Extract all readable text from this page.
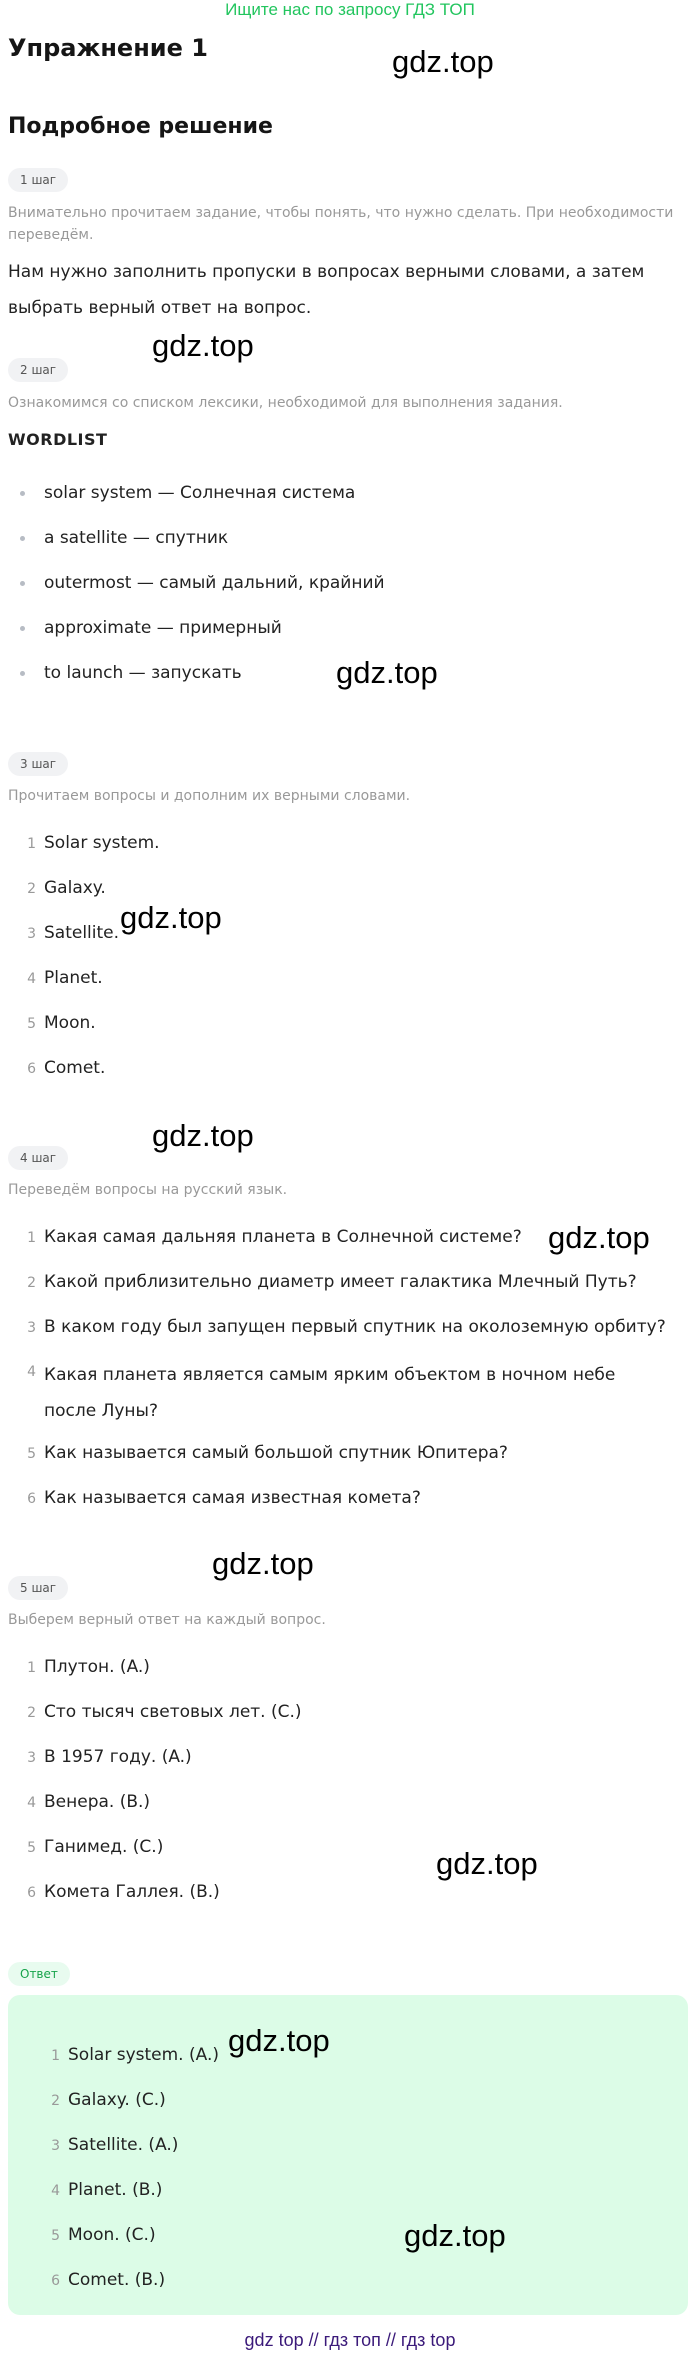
Ищите нас по запросу ГДЗ ТОП
Упражнение 1
Подробное решение
1 шаг
Внимательно прочитаем задание, чтобы понять, что нужно сделать. При необходимости переведём.
Нам нужно заполнить пропуски в вопросах верными словами, а затем выбрать верный ответ на вопрос.
2 шаг
Ознакомимся со списком лексики, необходимой для выполнения задания.
WORDLIST
solar system — Солнечная система
a satellite — спутник
outermost — самый дальний, крайний
approximate — примерный
to launch — запускать
3 шаг
Прочитаем вопросы и дополним их верными словами.
1 Solar system.
2 Galaxy.
3 Satellite.
4 Planet.
5 Moon.
6 Comet.
4 шаг
Переведём вопросы на русский язык.
1 Какая самая дальняя планета в Солнечной системе?
2 Какой приблизительно диаметр имеет галактика Млечный Путь?
3 В каком году был запущен первый спутник на околоземную орбиту?
4 Какая планета является самым ярким объектом в ночном небе после Луны?
5 Как называется самый большой спутник Юпитера?
6 Как называется самая известная комета?
5 шаг
Выберем верный ответ на каждый вопрос.
1 Плутон. (A.)
2 Сто тысяч световых лет. (C.)
3 В 1957 году. (A.)
4 Венера. (B.)
5 Ганимед. (C.)
6 Комета Галлея. (B.)
Ответ
1 Solar system. (A.)
2 Galaxy. (C.)
3 Satellite. (A.)
4 Planet. (B.)
5 Moon. (C.)
6 Comet. (B.)
gdz.top
gdz.top
gdz.top
gdz.top
gdz.top
gdz.top
gdz.top
gdz.top
gdz.top
gdz.top
gdz top // гдз топ // гдз top
